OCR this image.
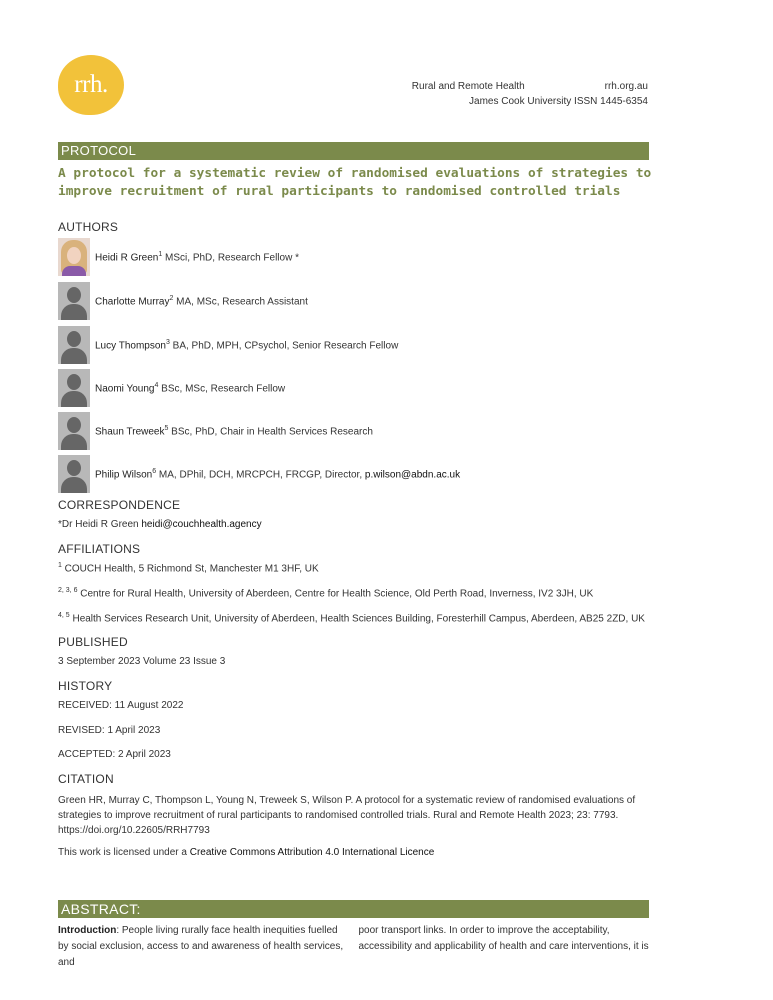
rrh.	Rural and Remote Health	rrh.org.au
James Cook University ISSN 1445-6354
PROTOCOL
A protocol for a systematic review of randomised evaluations of strategies to
improve recruitment of rural participants to randomised controlled trials
AUTHORS
Heidi R Green$^1$ MSci, PhD, Research Fellow *
Charlotte Murray$^2$ MA, MSc, Research Assistant
Lucy Thompson$^3$ BA, PhD, MPH, CPsychol, Senior Research Fellow
Naomi Young$^4$ BSc, MSc, Research Fellow
Shaun Treweek$^5$ BSc, PhD, Chair in Health Services Research
Philip Wilson$^6$ MA, DPhil, DCH, MRCPCH, FRCGP, Director, p.wilson@abdn.ac.uk
CORRESPONDENCE
*Dr Heidi R Green heidi@couchhealth.agency
AFFILIATIONS
$^1$ COUCH Health, 5 Richmond St, Manchester M1 3HF, UK
$^{2, 3, 6}$ Centre for Rural Health, University of Aberdeen, Centre for Health Science, Old Perth Road, Inverness, IV2 3JH, UK
$^{4, 5}$ Health Services Research Unit, University of Aberdeen, Health Sciences Building, Foresterhill Campus, Aberdeen, AB25 2ZD, UK
PUBLISHED
3 September 2023 Volume 23 Issue 3
HISTORY
RECEIVED: 11 August 2022
REVISED: 1 April 2023
ACCEPTED: 2 April 2023
CITATION
Green HR, Murray C, Thompson L, Young N, Treweek S, Wilson P. A protocol for a systematic review of randomised evaluations of strategies to improve recruitment of rural participants to randomised controlled trials. Rural and Remote Health 2023; 23: 7793. https://doi.org/10.22605/RRH7793
This work is licensed under a Creative Commons Attribution 4.0 International Licence
ABSTRACT:
Introduction: People living rurally face health inequities fuelled by social exclusion, access to and awareness of health services, and
poor transport links. In order to improve the acceptability, accessibility and applicability of health and care interventions, it is
